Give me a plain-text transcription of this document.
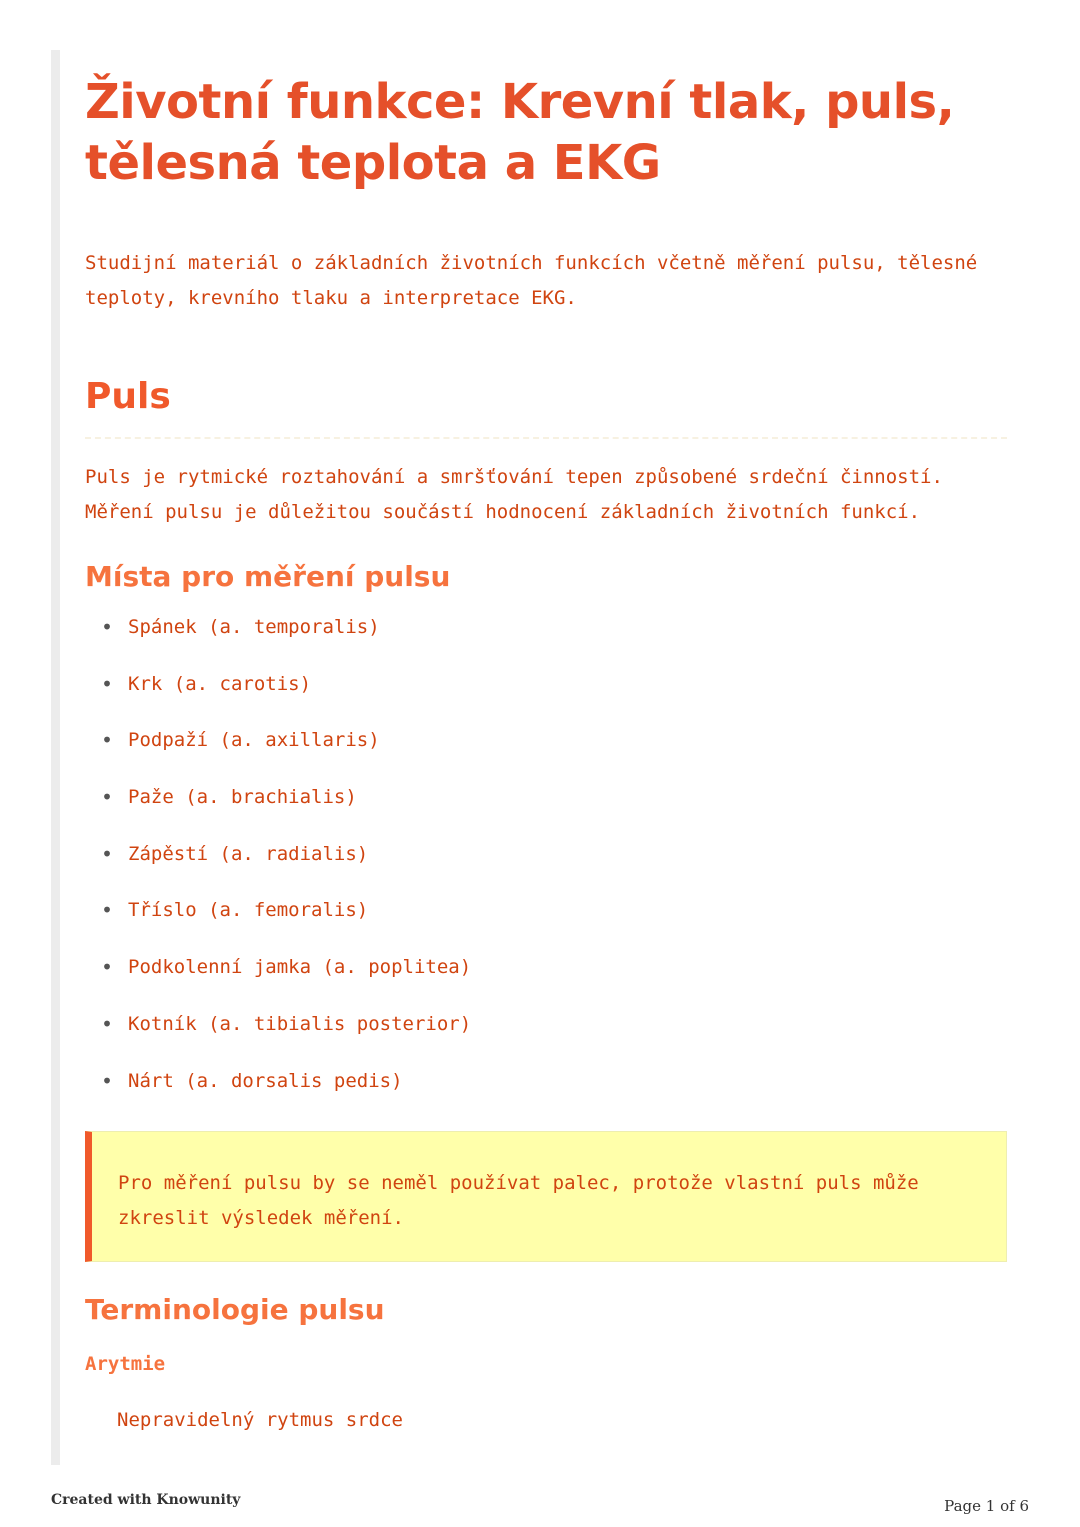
Životní funkce: Krevní tlak, puls, tělesná teplota a EKG

Studijní materiál o základních životních funkcích včetně měření pulsu, tělesné teploty, krevního tlaku a interpretace EKG.

Puls

Puls je rytmické roztahování a smršťování tepen způsobené srdeční činností. Měření pulsu je důležitou součástí hodnocení základních životních funkcí.

Místa pro měření pulsu
• Spánek (a. temporalis)
• Krk (a. carotis)
• Podpaží (a. axillaris)
• Paže (a. brachialis)
• Zápěstí (a. radialis)
• Tříslo (a. femoralis)
• Podkolenní jamka (a. poplitea)
• Kotník (a. tibialis posterior)
• Nárt (a. dorsalis pedis)

Pro měření pulsu by se neměl používat palec, protože vlastní puls může zkreslit výsledek měření.

Terminologie pulsu
Arytmie
Nepravidelný rytmus srdce
Created with Knowunity	Page 1 of 6
